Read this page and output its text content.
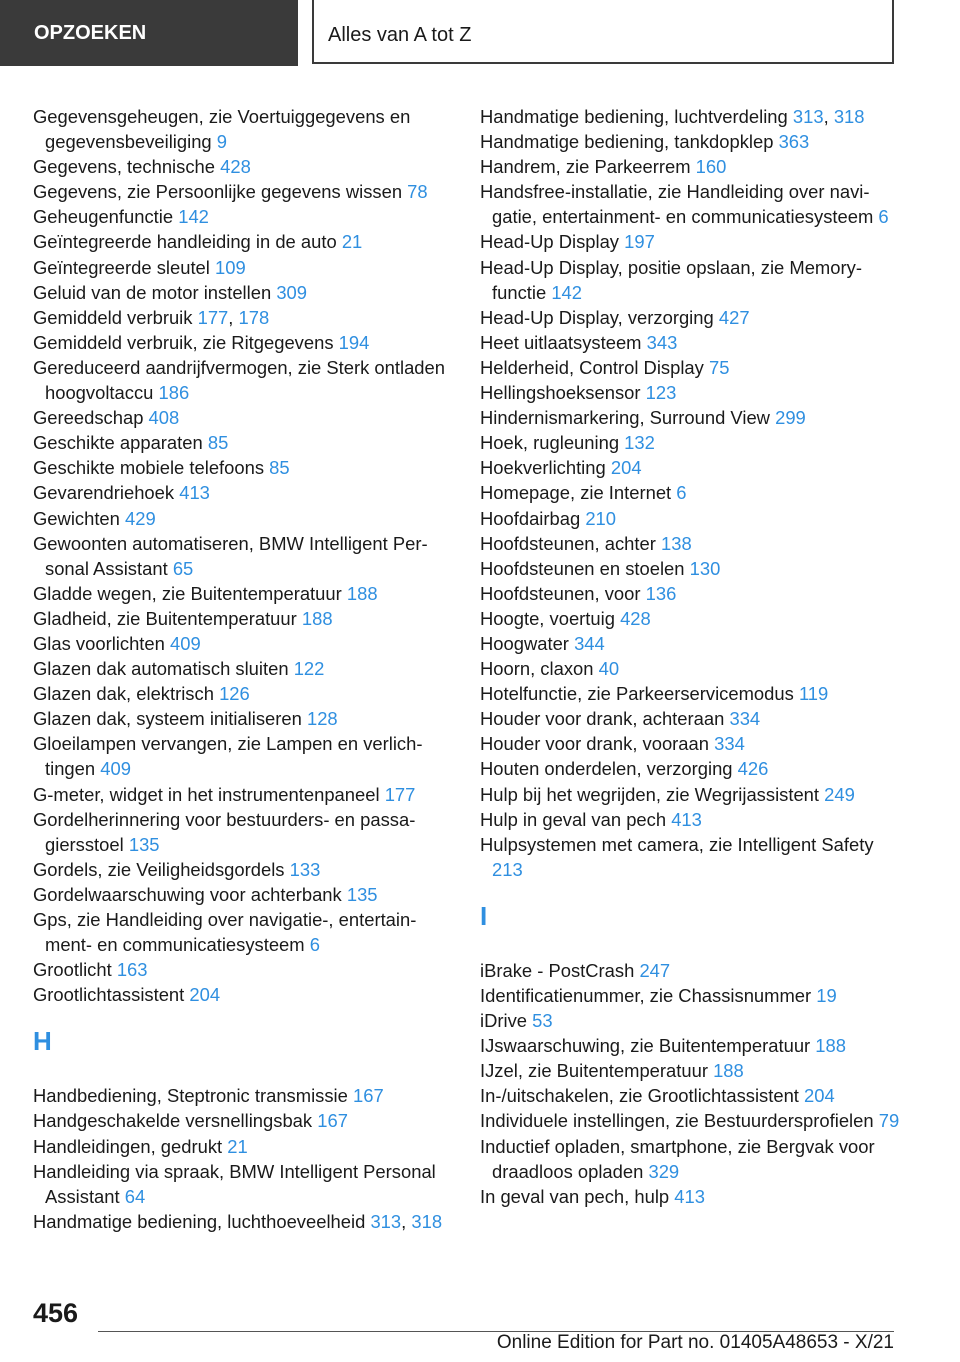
OPZOEKEN	Alles van A tot Z
Gegevensgeheugen, zie Voertuiggegevens en gegevensbeveiliging 9
Gegevens, technische 428
Gegevens, zie Persoonlijke gegevens wissen 78
Geheugenfunctie 142
Geïntegreerde handleiding in de auto 21
Geïntegreerde sleutel 109
Geluid van de motor instellen 309
Gemiddeld verbruik 177, 178
Gemiddeld verbruik, zie Ritgegevens 194
Gereduceerd aandrijfvermogen, zie Sterk ontladen hoogvoltaccu 186
Gereedschap 408
Geschikte apparaten 85
Geschikte mobiele telefoons 85
Gevarendriehoek 413
Gewichten 429
Gewoonten automatiseren, BMW Intelligent Personal Assistant 65
Gladde wegen, zie Buitentemperatuur 188
Gladheid, zie Buitentemperatuur 188
Glas voorlichten 409
Glazen dak automatisch sluiten 122
Glazen dak, elektrisch 126
Glazen dak, systeem initialiseren 128
Gloeilampen vervangen, zie Lampen en verlichtingen 409
G-meter, widget in het instrumentenpaneel 177
Gordelherinnering voor bestuurders- en passagiersstoel 135
Gordels, zie Veiligheidsgordels 133
Gordelwaarschuwing voor achterbank 135
Gps, zie Handleiding over navigatie-, entertainment- en communicatiesysteem 6
Grootlicht 163
Grootlichtassistent 204
H
Handbediening, Steptronic transmissie 167
Handgeschakelde versnellingsbak 167
Handleidingen, gedrukt 21
Handleiding via spraak, BMW Intelligent Personal Assistant 64
Handmatige bediening, luchthoeveelheid 313, 318
Handmatige bediening, luchtverdeling 313, 318
Handmatige bediening, tankdopklep 363
Handrem, zie Parkeerrem 160
Handsfree-installatie, zie Handleiding over navigatie, entertainment- en communicatiesysteem 6
Head-Up Display 197
Head-Up Display, positie opslaan, zie Memoryfunctie 142
Head-Up Display, verzorging 427
Heet uitlaatsysteem 343
Helderheid, Control Display 75
Hellingshoeksensor 123
Hindernismarkering, Surround View 299
Hoek, rugleuning 132
Hoekverlichting 204
Homepage, zie Internet 6
Hoofdairbag 210
Hoofdsteunen, achter 138
Hoofdsteunen en stoelen 130
Hoofdsteunen, voor 136
Hoogte, voertuig 428
Hoogwater 344
Hoorn, claxon 40
Hotelfunctie, zie Parkeerservicemodus 119
Houder voor drank, achteraan 334
Houder voor drank, vooraan 334
Houten onderdelen, verzorging 426
Hulp bij het wegrijden, zie Wegrijassistent 249
Hulp in geval van pech 413
Hulpsystemen met camera, zie Intelligent Safety 213
I
iBrake - PostCrash 247
Identificatienummer, zie Chassisnummer 19
iDrive 53
IJswaarschuwing, zie Buitentemperatuur 188
IJzel, zie Buitentemperatuur 188
In-/uitschakelen, zie Grootlichtassistent 204
Individuele instellingen, zie Bestuurdersprofielen 79
Inductief opladen, smartphone, zie Bergvak voor draadloos opladen 329
In geval van pech, hulp 413
456
Online Edition for Part no. 01405A48653 - X/21
